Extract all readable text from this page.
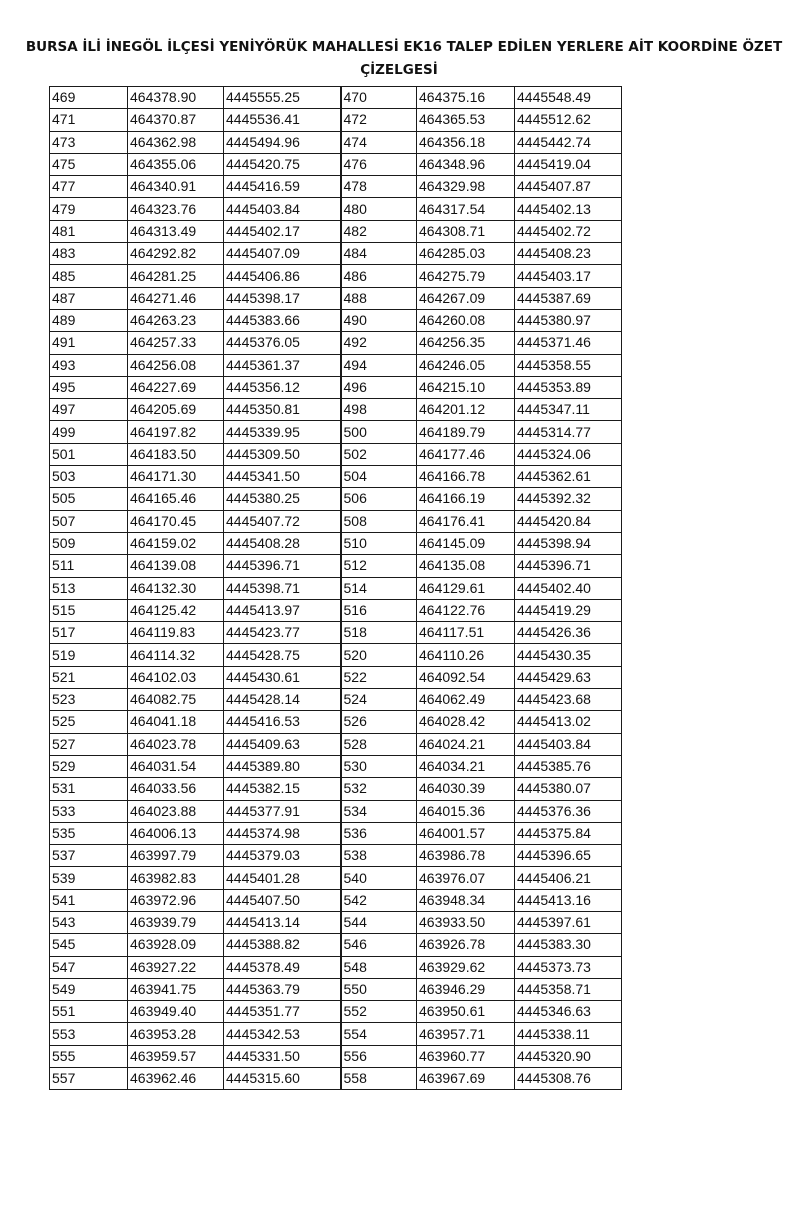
BURSA İLİ İNEGÖL İLÇESİ YENİYÖRÜK MAHALLESİ EK16 TALEP EDİLEN YERLERE AİT KOORDİNE ÖZET
ÇİZELGESİ
469	464378.90	4445555.25	470	464375.16	4445548.49
471	464370.87	4445536.41	472	464365.53	4445512.62
473	464362.98	4445494.96	474	464356.18	4445442.74
475	464355.06	4445420.75	476	464348.96	4445419.04
477	464340.91	4445416.59	478	464329.98	4445407.87
479	464323.76	4445403.84	480	464317.54	4445402.13
481	464313.49	4445402.17	482	464308.71	4445402.72
483	464292.82	4445407.09	484	464285.03	4445408.23
485	464281.25	4445406.86	486	464275.79	4445403.17
487	464271.46	4445398.17	488	464267.09	4445387.69
489	464263.23	4445383.66	490	464260.08	4445380.97
491	464257.33	4445376.05	492	464256.35	4445371.46
493	464256.08	4445361.37	494	464246.05	4445358.55
495	464227.69	4445356.12	496	464215.10	4445353.89
497	464205.69	4445350.81	498	464201.12	4445347.11
499	464197.82	4445339.95	500	464189.79	4445314.77
501	464183.50	4445309.50	502	464177.46	4445324.06
503	464171.30	4445341.50	504	464166.78	4445362.61
505	464165.46	4445380.25	506	464166.19	4445392.32
507	464170.45	4445407.72	508	464176.41	4445420.84
509	464159.02	4445408.28	510	464145.09	4445398.94
511	464139.08	4445396.71	512	464135.08	4445396.71
513	464132.30	4445398.71	514	464129.61	4445402.40
515	464125.42	4445413.97	516	464122.76	4445419.29
517	464119.83	4445423.77	518	464117.51	4445426.36
519	464114.32	4445428.75	520	464110.26	4445430.35
521	464102.03	4445430.61	522	464092.54	4445429.63
523	464082.75	4445428.14	524	464062.49	4445423.68
525	464041.18	4445416.53	526	464028.42	4445413.02
527	464023.78	4445409.63	528	464024.21	4445403.84
529	464031.54	4445389.80	530	464034.21	4445385.76
531	464033.56	4445382.15	532	464030.39	4445380.07
533	464023.88	4445377.91	534	464015.36	4445376.36
535	464006.13	4445374.98	536	464001.57	4445375.84
537	463997.79	4445379.03	538	463986.78	4445396.65
539	463982.83	4445401.28	540	463976.07	4445406.21
541	463972.96	4445407.50	542	463948.34	4445413.16
543	463939.79	4445413.14	544	463933.50	4445397.61
545	463928.09	4445388.82	546	463926.78	4445383.30
547	463927.22	4445378.49	548	463929.62	4445373.73
549	463941.75	4445363.79	550	463946.29	4445358.71
551	463949.40	4445351.77	552	463950.61	4445346.63
553	463953.28	4445342.53	554	463957.71	4445338.11
555	463959.57	4445331.50	556	463960.77	4445320.90
557	463962.46	4445315.60	558	463967.69	4445308.76
